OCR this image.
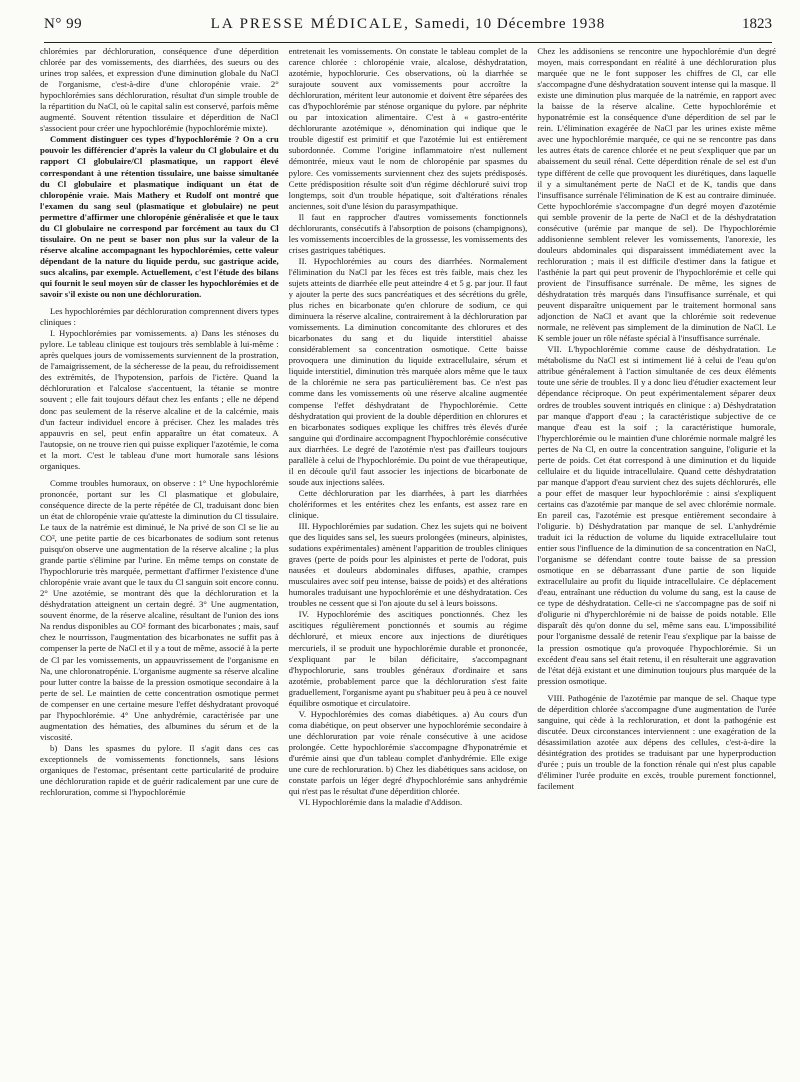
N° 99	LA PRESSE MÉDICALE, Samedi, 10 Décembre 1938	1823

chlorémies par déchloruration, conséquence d'une déperdition chlorée par des vomissements, des diarrhées, des sueurs ou des urines trop salées, et expression d'une diminution globale du NaCl de l'organisme, c'est-à-dire d'une chloropénie vraie. 2° hypochlorémies sans déchloruration, résultat d'un simple trouble de la répartition du NaCl, où le capital salin est conservé, parfois même augmenté. Souvent rétention tissulaire et déperdition de NaCl s'associent pour créer une hypochlorémie (hypochlorémie mixte).

Comment distinguer ces types d'hypochlorémie ? On a cru pouvoir les différencier d'après la valeur du Cl globulaire et du rapport Cl globulaire/Cl plasmatique, un rapport élevé correspondant à une rétention tissulaire, une baisse simultanée du Cl globulaire et plasmatique indiquant un état de chloropénie vraie. Mais Mathery et Rudolf ont montré que l'examen du sang seul (plasmatique et globulaire) ne peut permettre d'affirmer une chloropénie généralisée et que le taux du Cl globulaire ne correspond par forcément au taux du Cl tissulaire. On ne peut se baser non plus sur la valeur de la réserve alcaline accompagnant les hypochlorémies, cette valeur dépendant de la nature du liquide perdu, suc gastrique acide, sucs alcalins, par exemple. Actuellement, c'est l'étude des bilans qui fournit le seul moyen sûr de classer les hypochlorémies et de savoir s'il existe ou non une déchloruration.

Les hypochlorémies par déchloruration comprennent divers types cliniques :

I. Hypochlorémies par vomissements. a) Dans les sténoses du pylore. Le tableau clinique est toujours très semblable à lui-même : après quelques jours de vomissements surviennent de la prostration, de l'amaigrissement, de la sécheresse de la peau, du refroidissement des extrémités, de l'hypotension, parfois de l'ictère. Quand la déchloruration et l'alcalose s'accentuent, la tétanie se montre souvent ; elle fait toujours défaut chez les enfants ; elle ne dépend donc pas seulement de la réserve alcaline et de la calcémie, mais d'un facteur individuel encore à préciser. Chez les malades très appauvris en sel, peut enfin apparaître un état comateux. A l'autopsie, on ne trouve rien qui puisse expliquer l'azotémie, le coma et la mort. C'est le tableau d'une mort humorale sans lésions organiques.

Comme troubles humoraux, on observe : 1° Une hypochlorémie prononcée, portant sur les Cl plasmatique et globulaire, conséquence directe de la perte répétée de Cl, traduisant donc bien un état de chloropénie vraie qu'atteste la diminution du Cl tissulaire. Le taux de la natrémie est diminué, le Na privé de son Cl se lie au CO², une petite partie de ces bicarbonates de sodium sont retenus puisqu'on observe une augmentation de la réserve alcaline ; la plus grande partie s'élimine par l'urine. En même temps on constate de l'hypochlorurie très marquée, permettant d'affirmer l'existence d'une chloropénie vraie avant que le taux du Cl sanguin soit encore connu. 2° Une azotémie, se montrant dès que la déchloruration et la déshydratation atteignent un certain degré. 3° Une augmentation, souvent énorme, de la réserve alcaline, résultant de l'union des ions Na rendus disponibles au CO² formant des bicarbonates ; mais, sauf chez le nourrisson, l'augmentation des bicarbonates ne suffit pas à compenser la perte de NaCl et il y a tout de même, associé à la perte de Cl par les vomissements, un appauvrissement de l'organisme en Na, une chloronatropénie. L'organisme augmente sa réserve alcaline pour lutter contre la baisse de la pression osmotique secondaire à la perte de sel. Le maintien de cette concentration osmotique permet de compenser en une certaine mesure l'effet déshydratant provoqué par l'hypochlorémie. 4° Une anhydrémie, caractérisée par une augmentation des hématies, des albumines du sérum et de la viscosité.

b) Dans les spasmes du pylore. Il s'agit dans ces cas exceptionnels de vomissements fonctionnels, sans lésions organiques de l'estomac, présentant cette particularité de produire une déchloruration rapide et de guérir radicalement par une cure de rechloruration, comme si l'hypochlorémie

entretenait les vomissements. On constate le tableau complet de la carence chlorée : chloropénie vraie, alcalose, déshydratation, azotémie, hypochlorurie. Ces observations, où la diarrhée se surajoute souvent aux vomissements pour accroître la déchloruration, méritent leur autonomie et doivent être séparées des cas d'hypochlorémie par sténose organique du pylore. par néphrite ou par intoxication alimentaire. C'est à « gastro-entérite déchlorurante azotémique », dénomination qui indique que le trouble digestif est primitif et que l'azotémie lui est entièrement subordonnée. Comme l'origine inflammatoire n'est nullement démontrée, mieux vaut le nom de chloropénie par spasmes du pylore. Ces vomissements surviennent chez des sujets prédisposés. Cette prédisposition résulte soit d'un régime déchloruré suivi trop longtemps, soit d'un trouble hépatique, soit d'altérations rénales anciennes, soit d'une lésion du parasympathique.

Il faut en rapprocher d'autres vomissements fonctionnels déchlorurants, consécutifs à l'absorption de poisons (champignons), les vomissements incoercibles de la grossesse, les vomissements des crises gastriques tabétiques.

II. Hypochlorémies au cours des diarrhées. Normalement l'élimination du NaCl par les fèces est très faible, mais chez les sujets atteints de diarrhée elle peut atteindre 4 et 5 g. par jour. Il faut y ajouter la perte des sucs pancréatiques et des sécrétions du grêle, plus riches en bicarbonate qu'en chlorure de sodium, ce qui diminuera la réserve alcaline, contrairement à la déchloruration par vomissements. La diminution concomitante des chlorures et des bicarbonates du sang et du liquide interstitiel abaisse considérablement sa concentration osmotique. Cette baisse provoquera une diminution du liquide extracellulaire, sérum et liquide interstitiel, diminution très marquée alors même que le taux de la chlorémie ne sera pas particulièrement bas. Ce n'est pas comme dans les vomissements où une réserve alcaline augmentée compense l'effet déshydratant de l'hypochlorémie. Cette déshydratation qui provient de la double déperdition en chlorures et en bicarbonates sodiques explique les chiffres très élevés d'urée sanguine qui d'ordinaire accompagnent l'hypochlorémie consécutive aux diarrhées. Le degré de l'azotémie n'est pas d'ailleurs toujours parallèle à celui de l'hypochlorémie. Du point de vue thérapeutique, il en découle qu'il faut associer les injections de bicarbonate de soude aux injections salées.

Cette déchloruration par les diarrhées, à part les diarrhées cholériformes et les entérites chez les enfants, est assez rare en clinique.

III. Hypochlorémies par sudation. Chez les sujets qui ne boivent que des liquides sans sel, les sueurs prolongées (mineurs, alpinistes, sudations expérimentales) amènent l'apparition de troubles cliniques graves (perte de poids pour les alpinistes et perte de l'odorat, puis nausées et douleurs abdominales diffuses, apathie, crampes musculaires avec soif peu intense, baisse de poids) et des altérations humorales traduisant une hypochlorémie et une déshydratation. Ces troubles ne cessent que si l'on ajoute du sel à leurs boissons.

IV. Hypochlorémie des ascitiques ponctionnés. Chez les ascitiques régulièrement ponctionnés et soumis au régime déchloruré, et mieux encore aux injections de diurétiques mercuriels, il se produit une hypochlorémie durable et prononcée, s'expliquant par le bilan déficitaire, s'accompagnant d'hypochlorurie, sans troubles généraux d'ordinaire et sans azotémie, probablement parce que la déchloruration s'est faite graduellement, l'organisme ayant pu s'habituer peu à peu à ce nouvel équilibre osmotique et circulatoire.

V. Hypochlorémies des comas diabétiques. a) Au cours d'un coma diabétique, on peut observer une hypochlorémie secondaire à une déchloruration par voie rénale consécutive à une acidose prolongée. Cette hypochlorémie s'accompagne d'hyponatrémie et d'urémie ainsi que d'un tableau complet d'anhydrémie. Elle exige une cure de rechloruration. b) Chez les diabétiques sans acidose, on constate parfois un léger degré d'hypochlorémie sans anhydrémie qui n'est pas le résultat d'une déperdition chlorée.

VI. Hypochlorémie dans la maladie d'Addison.

Chez les addisoniens se rencontre une hypochlorémie d'un degré moyen, mais correspondant en réalité à une déchloruration plus marquée que ne le font supposer les chiffres de Cl, car elle s'accompagne d'une déshydratation souvent intense qui la masque. Il existe une diminution plus marquée de la natrémie, en rapport avec la baisse de la réserve alcaline. Cette hypochlorémie et hyponatrémie est la conséquence d'une déperdition de sel par le rein. L'élimination exagérée de NaCl par les urines existe même avec une hypochlorémie marquée, ce qui ne se rencontre pas dans les autres états de carence chlorée et ne peut s'expliquer que par un abaissement du seuil rénal. Cette déperdition rénale de sel est d'un type différent de celle que provoquent les diurétiques, dans laquelle il y a simultanément perte de NaCl et de K, tandis que dans l'insuffisance surrénale l'élimination de K est au contraire diminuée. Cette hypochlorémie s'accompagne d'un degré moyen d'azotémie qui semble provenir de la perte de NaCl et de la déshydratation consécutive (urémie par manque de sel). De l'hypochlorémie addisonienne semblent relever les vomissements, l'anorexie, les douleurs abdominales qui disparaissent immédiatement avec la rechloruration ; mais il est difficile d'estimer dans la fatigue et l'asthénie la part qui peut provenir de l'hypochlorémie et celle qui provient de l'insuffisance surrénale. De même, les signes de déshydratation très marqués dans l'insuffisance surrénale, et qui peuvent disparaître uniquement par le traitement hormonal sans adjonction de NaCl et avant que la chlorémie soit redevenue normale, ne relèvent pas simplement de la diminution de NaCl. Le K semble jouer un rôle néfaste spécial à l'insuffisance surrénale.

VII. L'hypochlorémie comme cause de déshydratation. Le métabolisme du NaCl est si intimement lié à celui de l'eau qu'on attribue généralement à l'action simultanée de ces deux éléments toute une série de troubles. Il y a donc lieu d'étudier exactement leur dépendance réciproque. On peut expérimentalement séparer deux ordres de troubles souvent intriqués en clinique : a) Déshydratation par manque d'apport d'eau ; la caractéristique subjective de ce manque d'eau est la soif ; la caractéristique humorale, l'hyperchlorémie ou le maintien d'une chlorémie normale malgré les pertes de Na Cl, en outre la concentration sanguine, l'oligurie et la perte de poids. Cet état correspond à une diminution et du liquide cellulaire et du liquide intracellulaire. Quand cette déshydratation par manque d'apport d'eau survient chez des sujets déchlorurés, elle a pour effet de masquer leur hypochlorémie : ainsi s'expliquent certains cas d'azotémie par manque de sel avec chlorémie normale. En pareil cas, l'azotémie est presque entièrement secondaire à l'oligurie. b) Déshydratation par manque de sel. L'anhydrémie traduit ici la réduction de volume du liquide extracellulaire tout entier sous l'influence de la diminution de sa concentration en NaCl, l'organisme se défendant contre toute baisse de sa pression osmotique en se débarrassant d'une partie de son liquide extracellulaire au profit du liquide intracellulaire. Ce déplacement d'eau, entraînant une réduction du volume du sang, est la cause de ce type de déshydratation. Celle-ci ne s'accompagne pas de soif ni d'oligurie ni d'hyperchlorémie ni de baisse de poids notable. Elle disparaît dès qu'on donne du sel, même sans eau. L'impossibilité pour l'organisme dessalé de retenir l'eau s'explique par la baisse de la pression osmotique qu'a provoquée l'hypochlorémie. Si un excédent d'eau sans sel était retenu, il en résulterait une aggravation de l'état déjà existant et une diminution toujours plus marquée de la pression osmotique.

VIII. Pathogénie de l'azotémie par manque de sel. Chaque type de déperdition chlorée s'accompagne d'une augmentation de l'urée sanguine, qui cède à la rechloruration, et dont la pathogénie est discutée. Deux circonstances interviennent : une exagération de la désassimilation azotée aux dépens des cellules, c'est-à-dire la désintégration des protides se traduisant par une hyperproduction d'urée ; puis un trouble de la fonction rénale qui n'est plus capable d'éliminer l'urée produite en excès, trouble purement fonctionnel, facilement
